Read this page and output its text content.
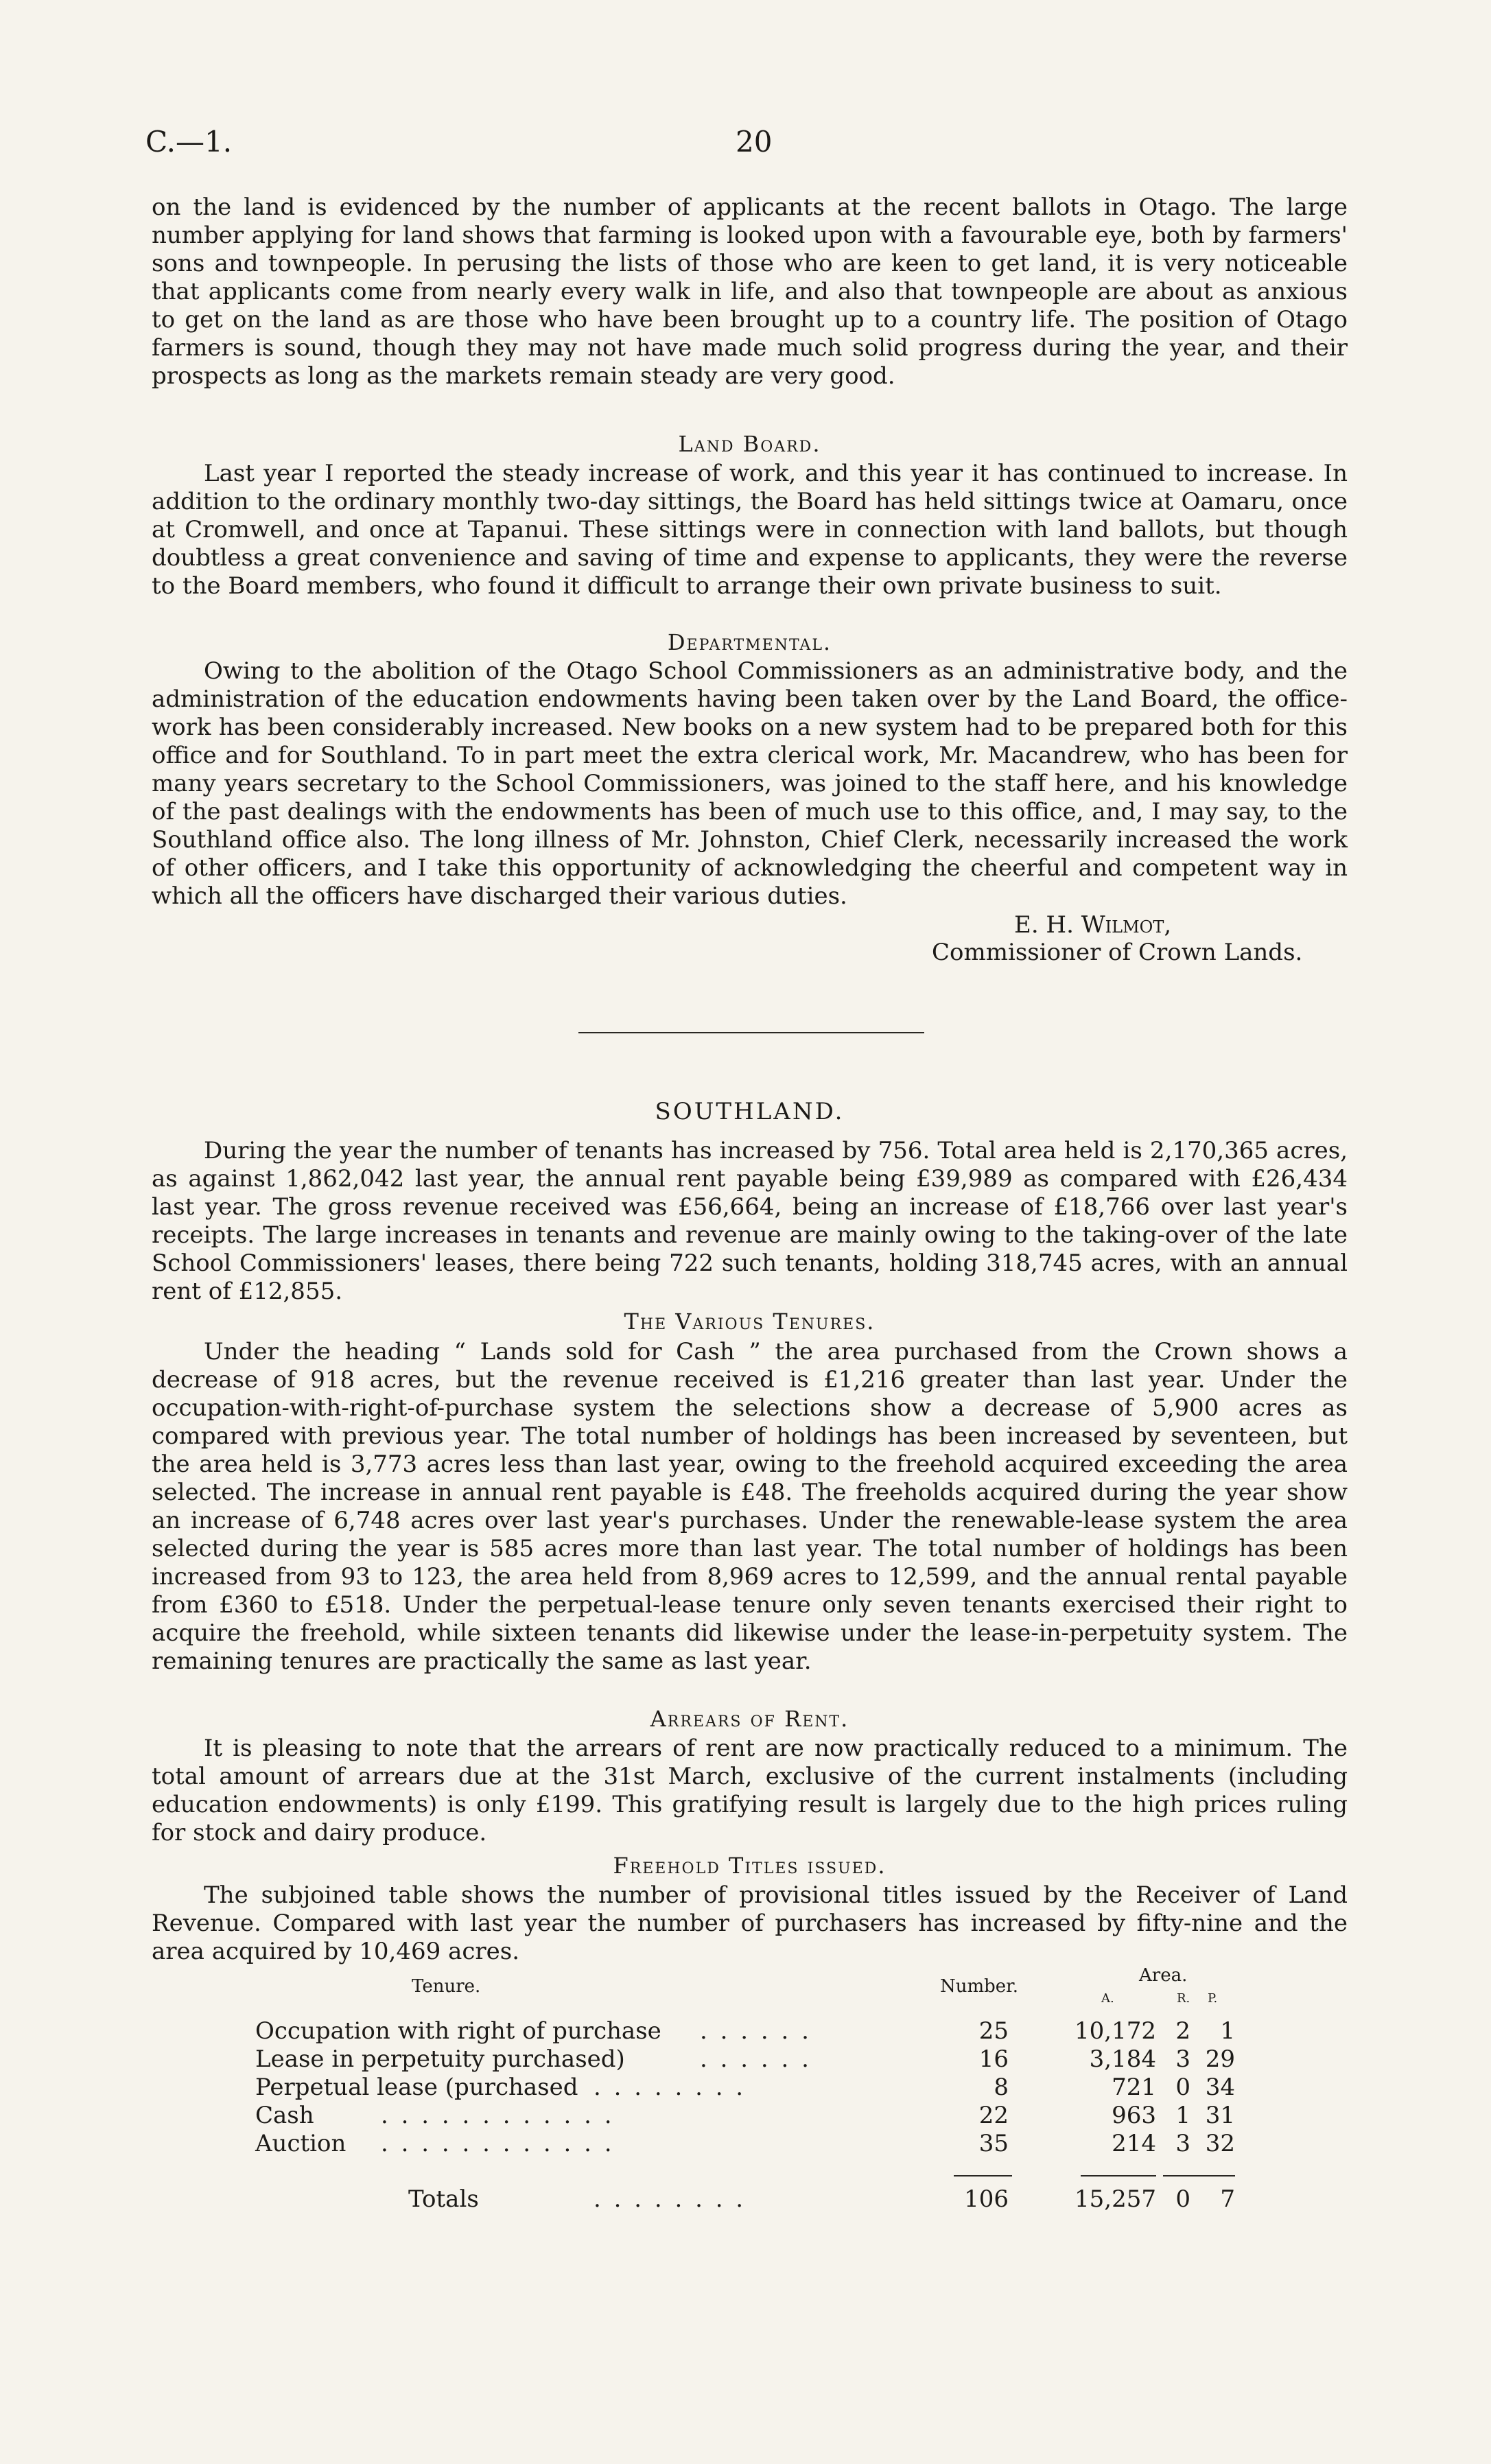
C.—1.	20

on the land is evidenced by the number of applicants at the recent ballots in Otago. The large number applying for land shows that farming is looked upon with a favourable eye, both by farmers' sons and townpeople. In perusing the lists of those who are keen to get land, it is very noticeable that applicants come from nearly every walk in life, and also that townpeople are about as anxious to get on the land as are those who have been brought up to a country life. The position of Otago farmers is sound, though they may not have made much solid progress during the year, and their prospects as long as the markets remain steady are very good.

Land Board.

Last year I reported the steady increase of work, and this year it has continued to increase. In addition to the ordinary monthly two-day sittings, the Board has held sittings twice at Oamaru, once at Cromwell, and once at Tapanui. These sittings were in connection with land ballots, but though doubtless a great convenience and saving of time and expense to applicants, they were the reverse to the Board members, who found it difficult to arrange their own private business to suit.

Departmental.

Owing to the abolition of the Otago School Commissioners as an administrative body, and the administration of the education endowments having been taken over by the Land Board, the office-work has been considerably increased. New books on a new system had to be prepared both for this office and for Southland. To in part meet the extra clerical work, Mr. Macandrew, who has been for many years secretary to the School Commissioners, was joined to the staff here, and his knowledge of the past dealings with the endowments has been of much use to this office, and, I may say, to the Southland office also. The long illness of Mr. Johnston, Chief Clerk, necessarily increased the work of other officers, and I take this opportunity of acknowledging the cheerful and competent way in which all the officers have discharged their various duties.

E. H. Wilmot,
Commissioner of Crown Lands.

SOUTHLAND.

During the year the number of tenants has increased by 756. Total area held is 2,170,365 acres, as against 1,862,042 last year, the annual rent payable being £39,989 as compared with £26,434 last year. The gross revenue received was £56,664, being an increase of £18,766 over last year's receipts. The large increases in tenants and revenue are mainly owing to the taking-over of the late School Commissioners' leases, there being 722 such tenants, holding 318,745 acres, with an annual rent of £12,855.

The Various Tenures.

Under the heading “ Lands sold for Cash ” the area purchased from the Crown shows a decrease of 918 acres, but the revenue received is £1,216 greater than last year. Under the occupation-with-right-of-purchase system the selections show a decrease of 5,900 acres as compared with previous year. The total number of holdings has been increased by seventeen, but the area held is 3,773 acres less than last year, owing to the freehold acquired exceeding the area selected. The increase in annual rent payable is £48. The freeholds acquired during the year show an increase of 6,748 acres over last year's purchases. Under the renewable-lease system the area selected during the year is 585 acres more than last year. The total number of holdings has been increased from 93 to 123, the area held from 8,969 acres to 12,599, and the annual rental payable from £360 to £518. Under the perpetual-lease tenure only seven tenants exercised their right to acquire the freehold, while sixteen tenants did likewise under the lease-in-perpetuity system. The remaining tenures are practically the same as last year.

Arrears of Rent.

It is pleasing to note that the arrears of rent are now practically reduced to a minimum. The total amount of arrears due at the 31st March, exclusive of the current instalments (including education endowments) is only £199. This gratifying result is largely due to the high prices ruling for stock and dairy produce.

Freehold Titles issued.

The subjoined table shows the number of provisional titles issued by the Receiver of Land Revenue. Compared with last year the number of purchasers has increased by fifty-nine and the area acquired by 10,469 acres.

Tenure.	Number.
Area.
A.	R. P.
Occupation with right of purchase . . . . . .	25	10,172 2	1
Lease in perpetuity purchased)	. . . . . .	16	3,184 3 29
Perpetual lease (purchased . . . . . . . .	8	721 0 34
Cash	. . . . . . . . . . . .	22	963 1 31
Auction . . . . . . . . . . . .	35	214 3 32
Totals	. . . . . . . .	106	15,257 0	7
